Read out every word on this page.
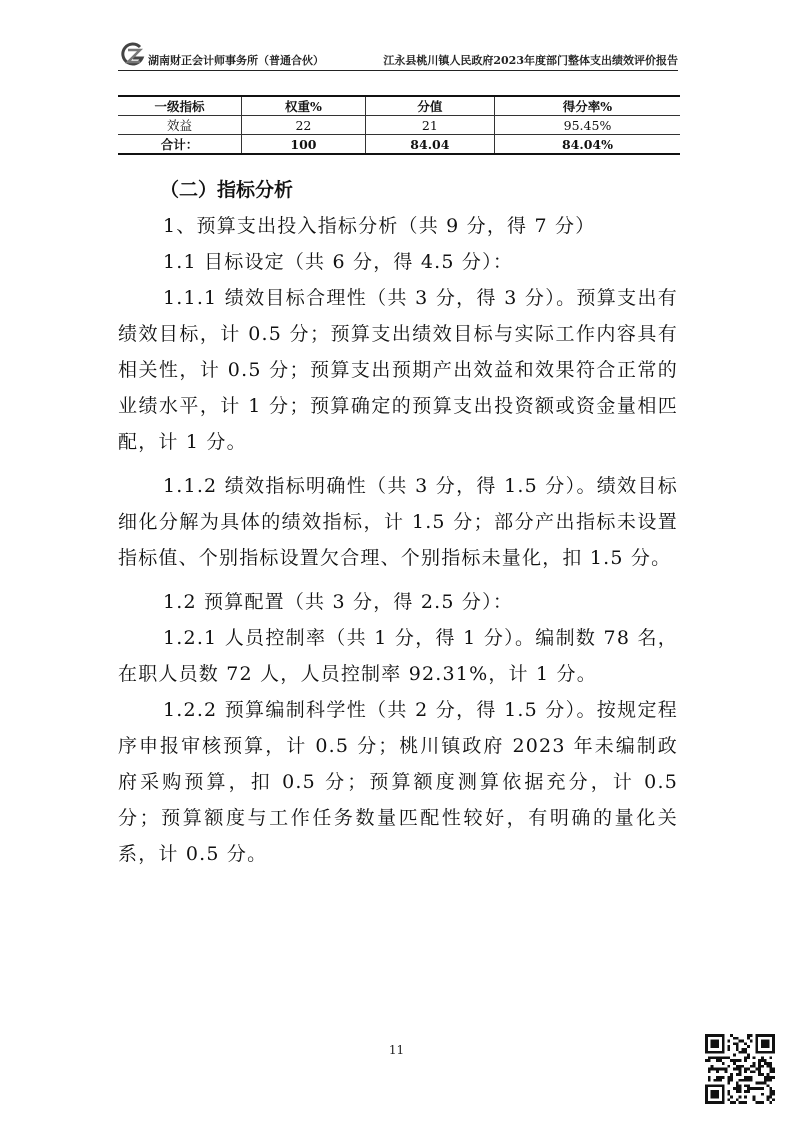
湖南财正会计师事务所（普通合伙）	江永县桃川镇人民政府2023年度部门整体支出绩效评价报告
一级指标	权重%	分值	得分率%
效益	22	21	95.45%
合计：	100	84.04	84.04%

（二）指标分析

1、预算支出投入指标分析（共 9 分，得 7 分）

1.1 目标设定（共 6 分，得 4.5 分）：

1.1.1 绩效目标合理性（共 3 分，得 3 分）。预算支出有绩效目标，计 0.5 分；预算支出绩效目标与实际工作内容具有相关性，计 0.5 分；预算支出预期产出效益和效果符合正常的业绩水平，计 1 分；预算确定的预算支出投资额或资金量相匹配，计 1 分。

1.1.2 绩效指标明确性（共 3 分，得 1.5 分）。绩效目标细化分解为具体的绩效指标，计 1.5 分；部分产出指标未设置指标值、个别指标设置欠合理、个别指标未量化，扣 1.5 分。

1.2 预算配置（共 3 分，得 2.5 分）：

1.2.1 人员控制率（共 1 分，得 1 分）。编制数 78 名，在职人员数 72 人，人员控制率 92.31%，计 1 分。

1.2.2 预算编制科学性（共 2 分，得 1.5 分）。按规定程序申报审核预算，计 0.5 分；桃川镇政府 2023 年未编制政府采购预算，扣 0.5 分；预算额度测算依据充分，计 0.5 分；预算额度与工作任务数量匹配性较好，有明确的量化关系，计 0.5 分。

11
